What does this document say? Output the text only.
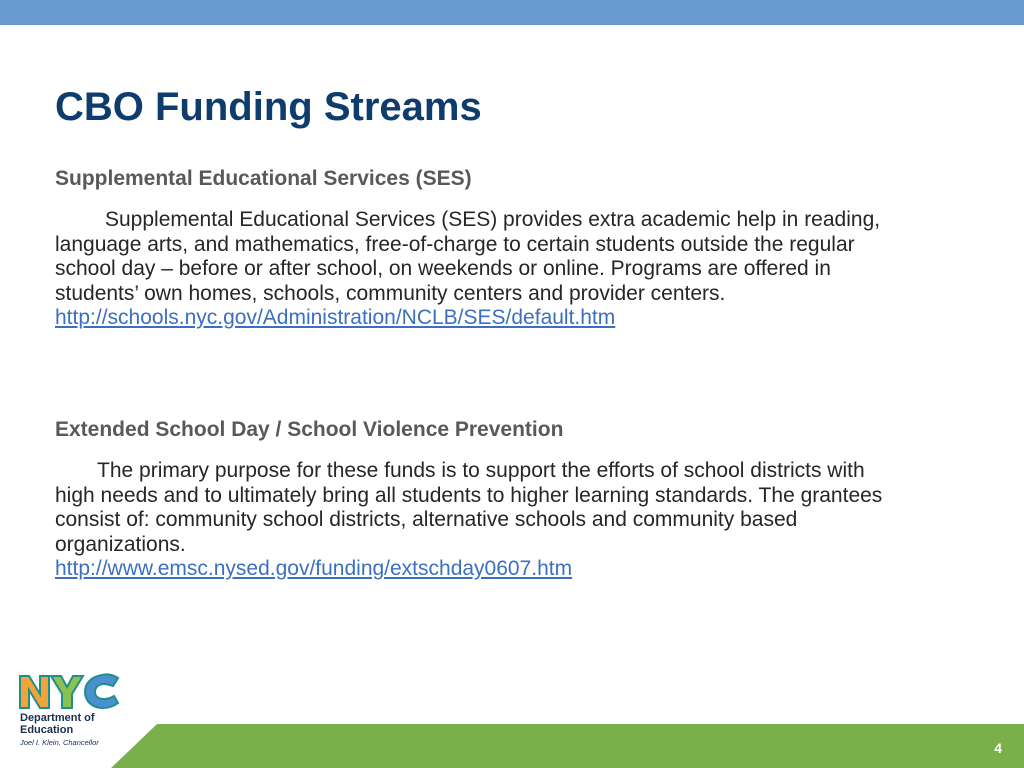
CBO Funding Streams

Supplemental Educational Services (SES)

Supplemental Educational Services (SES) provides extra academic help in reading, language arts, and mathematics, free-of-charge to certain students outside the regular school day – before or after school, on weekends or online. Programs are offered in students’ own homes, schools, community centers and provider centers.
http://schools.nyc.gov/Administration/NCLB/SES/default.htm

Extended School Day / School Violence Prevention

The primary purpose for these funds is to support the efforts of school districts with high needs and to ultimately bring all students to higher learning standards. The grantees consist of: community school districts, alternative schools and community based organizations.
http://www.emsc.nysed.gov/funding/extschday0607.htm

Department of Education
Joel I. Klein, Chancellor	4
